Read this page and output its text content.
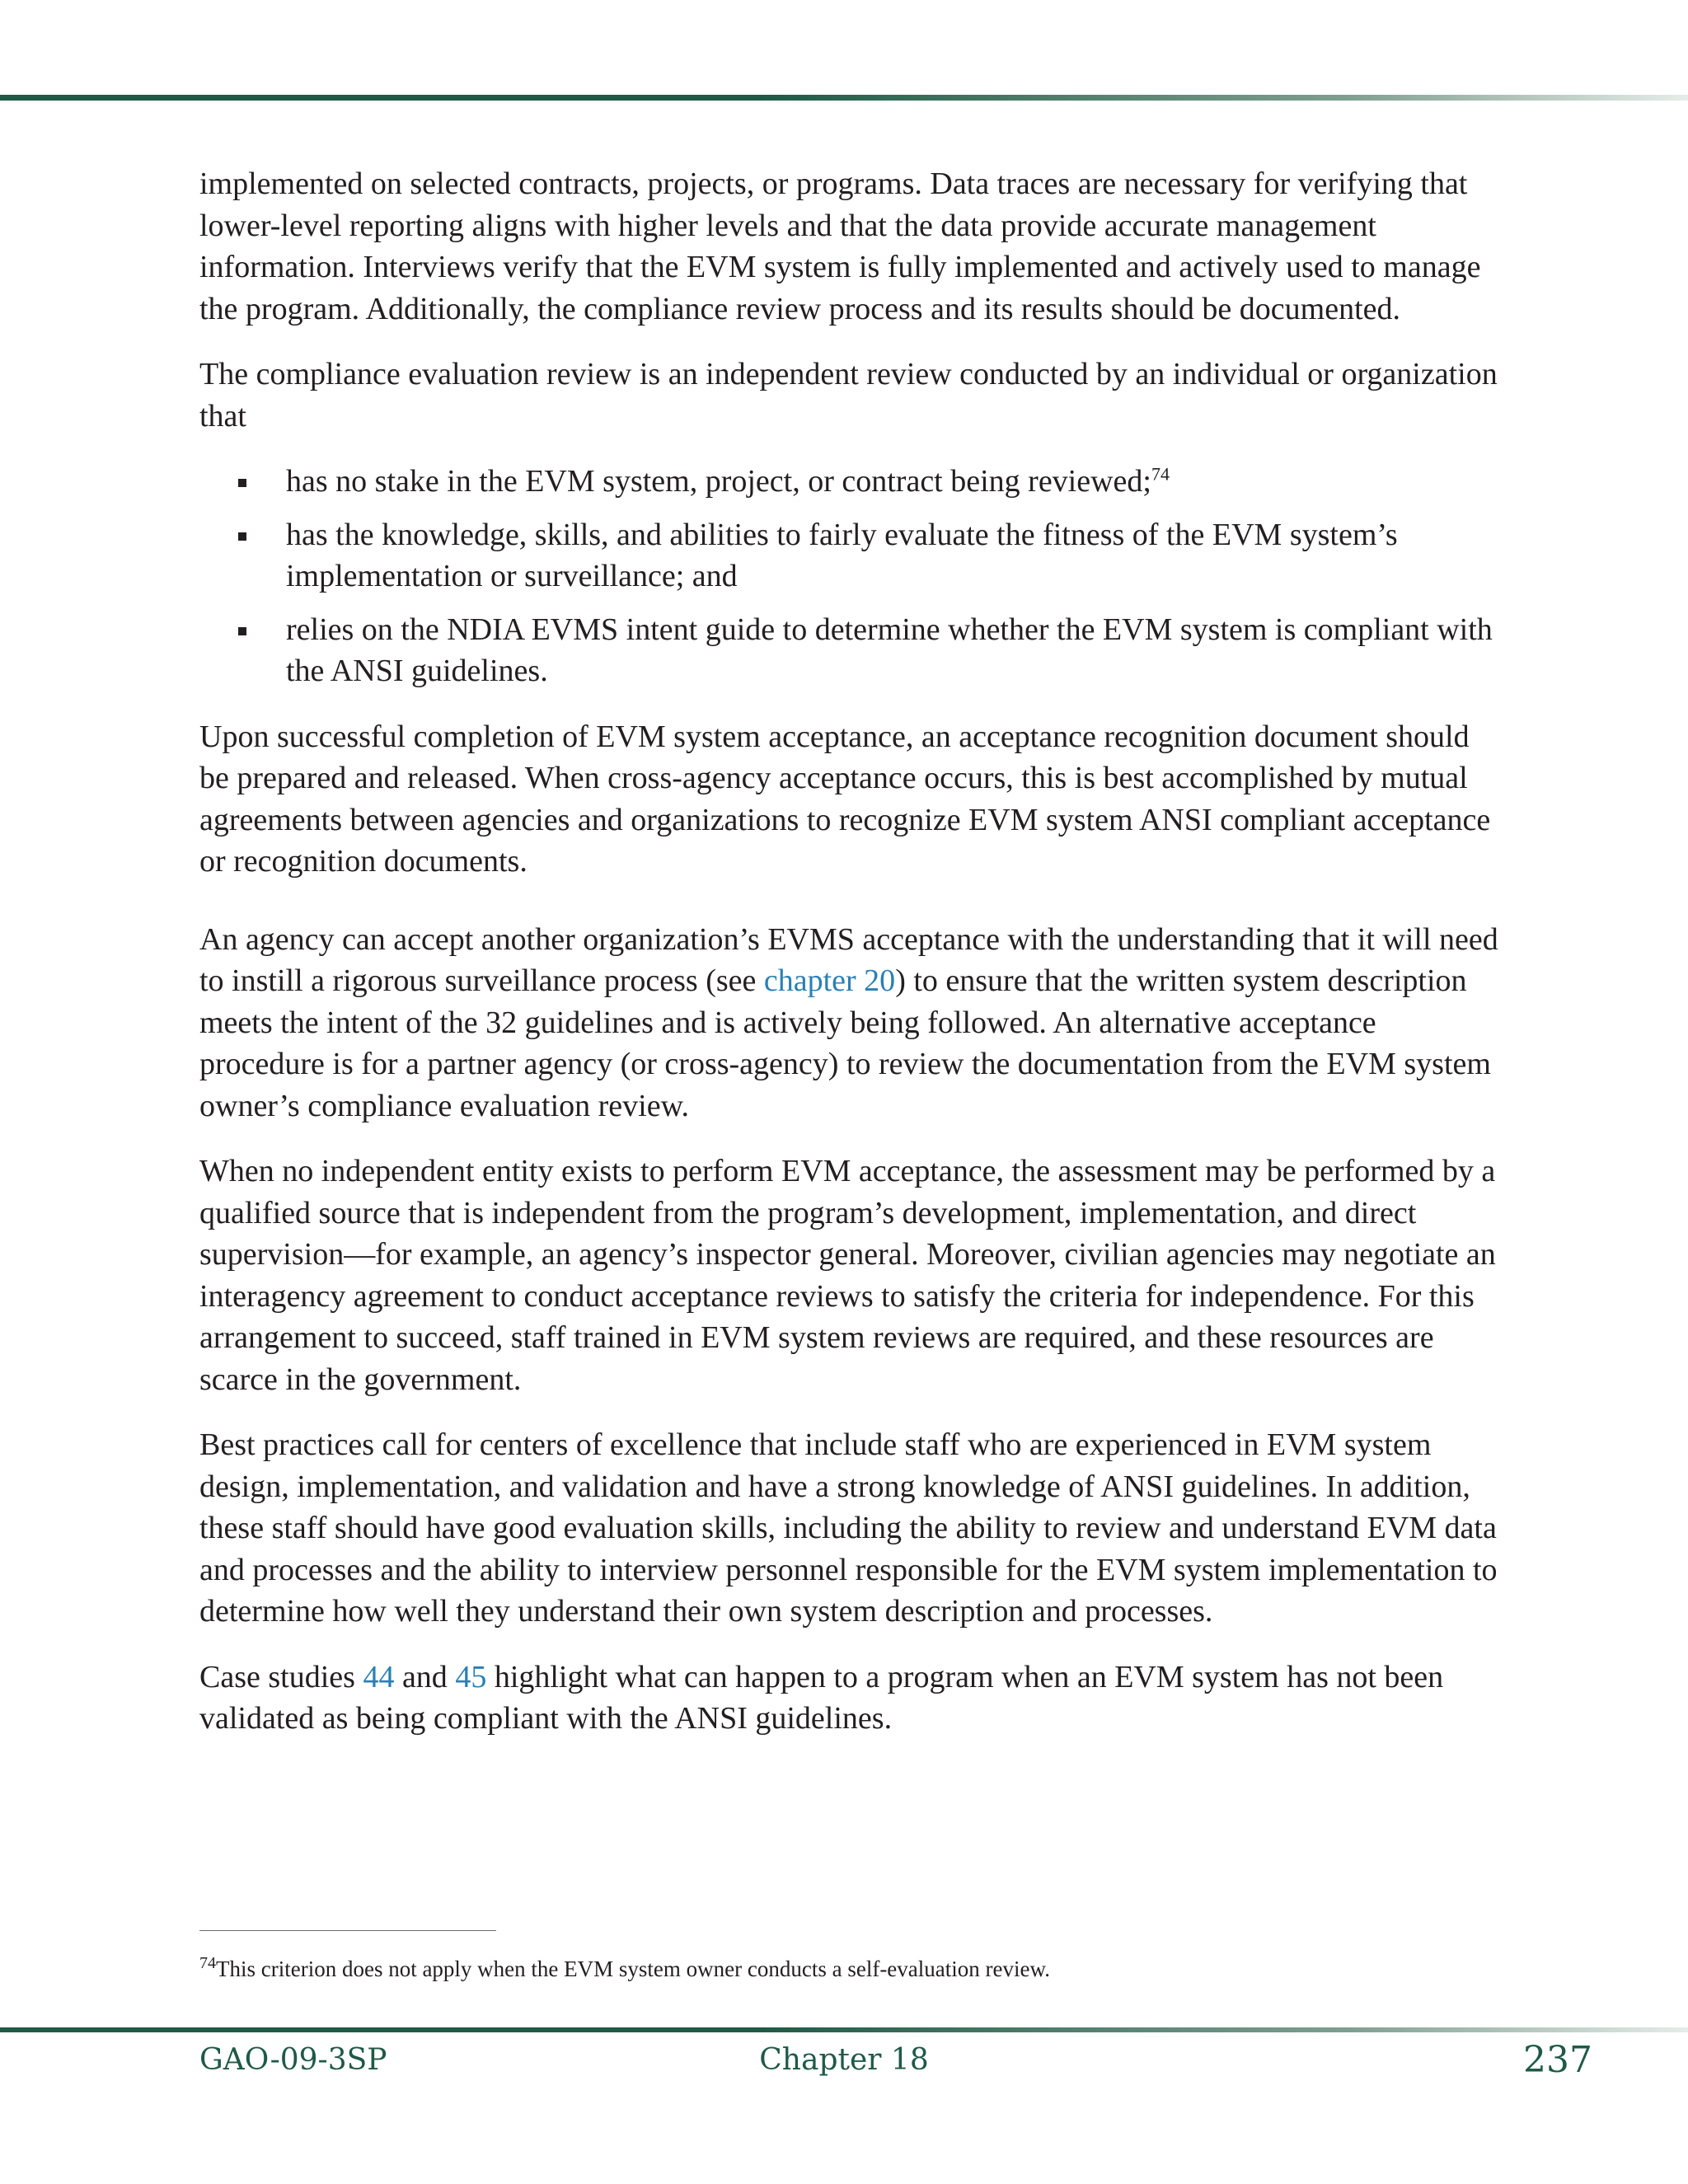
implemented on selected contracts, projects, or programs. Data traces are necessary for verifying that lower-level reporting aligns with higher levels and that the data provide accurate management information. Interviews verify that the EVM system is fully implemented and actively used to manage the program. Additionally, the compliance review process and its results should be documented.

The compliance evaluation review is an independent review conducted by an individual or organization that

has no stake in the EVM system, project, or contract being reviewed;$^{74}$
has the knowledge, skills, and abilities to fairly evaluate the fitness of the EVM system’s implementation or surveillance; and
relies on the NDIA EVMS intent guide to determine whether the EVM system is compliant with the ANSI guidelines.

Upon successful completion of EVM system acceptance, an acceptance recognition document should be prepared and released. When cross-agency acceptance occurs, this is best accomplished by mutual agreements between agencies and organizations to recognize EVM system ANSI compliant acceptance or recognition documents.

An agency can accept another organization’s EVMS acceptance with the understanding that it will need to instill a rigorous surveillance process (see chapter 20) to ensure that the written system description meets the intent of the 32 guidelines and is actively being followed. An alternative acceptance procedure is for a partner agency (or cross-agency) to review the documentation from the EVM system owner’s compliance evaluation review.

When no independent entity exists to perform EVM acceptance, the assessment may be performed by a qualified source that is independent from the program’s development, implementation, and direct supervision—for example, an agency’s inspector general. Moreover, civilian agencies may negotiate an interagency agreement to conduct acceptance reviews to satisfy the criteria for independence. For this arrangement to succeed, staff trained in EVM system reviews are required, and these resources are scarce in the government.

Best practices call for centers of excellence that include staff who are experienced in EVM system design, implementation, and validation and have a strong knowledge of ANSI guidelines. In addition, these staff should have good evaluation skills, including the ability to review and understand EVM data and processes and the ability to interview personnel responsible for the EVM system implementation to determine how well they understand their own system description and processes.

Case studies 44 and 45 highlight what can happen to a program when an EVM system has not been validated as being compliant with the ANSI guidelines.

$^{74}$This criterion does not apply when the EVM system owner conducts a self-evaluation review.
GAO-09-3SP	Chapter 18	237
